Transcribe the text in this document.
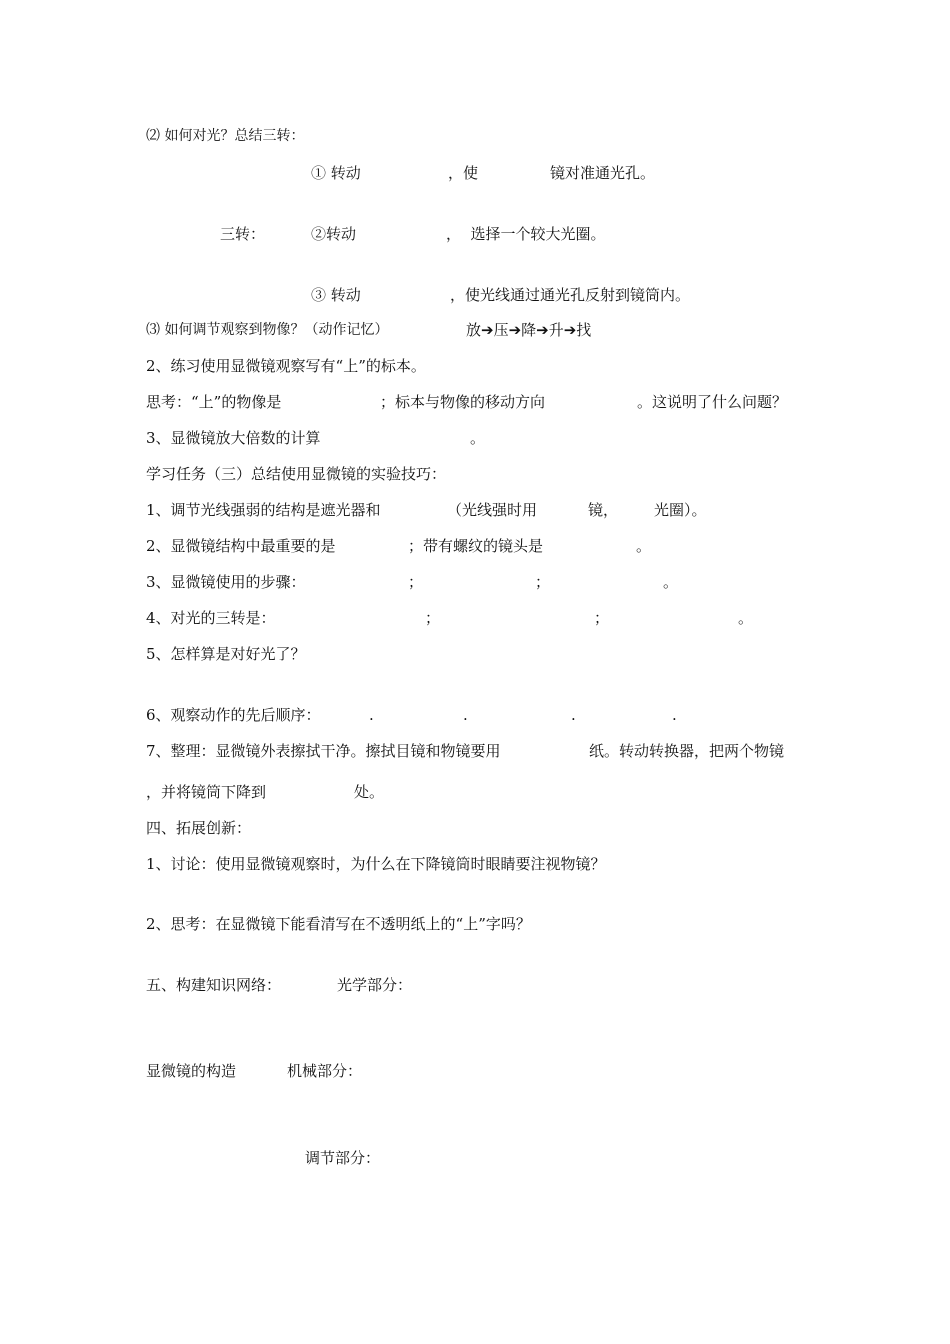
⑵ 如何对光？总结三转：
① 转动	，使	镜对准通光孔。
三转：	②转动	，  选择一个较大光圈。
③ 转动	，使光线通过通光孔反射到镜筒内。
⑶ 如何调节观察到物像？（动作记忆）	放➔压➔降➔升➔找
2、练习使用显微镜观察写有“上”的标本。
思考：“上”的物像是	；标本与物像的移动方向	。这说明了什么问题？
3、显微镜放大倍数的计算	。
学习任务（三）总结使用显微镜的实验技巧：
1、调节光线强弱的结构是遮光器和	（光线强时用	镜， 光圈）。
2、显微镜结构中最重要的是	；带有螺纹的镜头是	。
3、显微镜使用的步骤：	；	；	。
4、对光的三转是：	；	；	。
5、怎样算是对好光了？
6、观察动作的先后顺序：	.	.	.	.
7、整理：显微镜外表擦拭干净。擦拭目镜和物镜要用	纸。转动转换器，把两个物镜
，并将镜筒下降到	处。
四、拓展创新：
1、讨论：使用显微镜观察时，为什么在下降镜筒时眼睛要注视物镜？
2、思考：在显微镜下能看清写在不透明纸上的“上”字吗？
五、构建知识网络：	光学部分：
显微镜的构造	机械部分：
调节部分：
